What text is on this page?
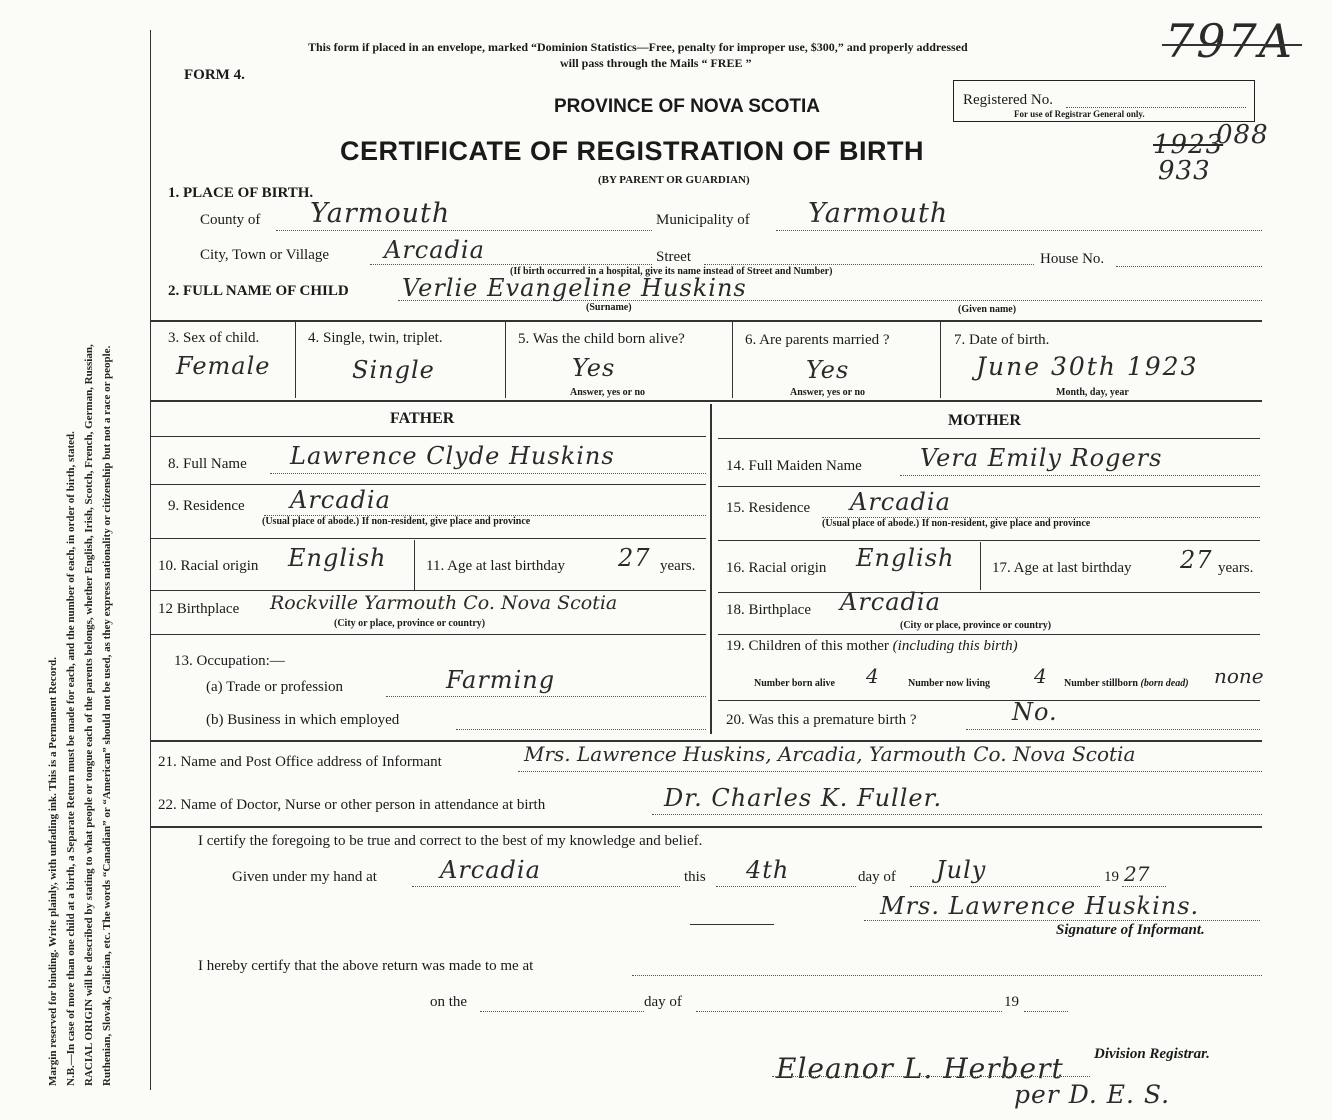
Margin reserved for binding. Write plainly, with unfading ink. This is a Permanent Record. N.B.—In case of more than one child at a birth, a Separate Return must be made for each, and the number of each, in order of birth, stated. RACIAL ORIGIN will be described by stating to what people or tongue each of the parents belongs, whether English, Irish, Scotch, French, German, Russian, Ruthenian, Slovak, Galician, etc. The words “Canadian” or “American” should not be used, as they express nationality or citizenship but not a race or people.
This form if placed in an envelope, marked “Dominion Statistics—Free, penalty for improper use, $300,” and properly addressed
will pass through the Mails “ FREE ”
FORM 4.
PROVINCE OF NOVA SCOTIA
CERTIFICATE OF REGISTRATION OF BIRTH
(BY PARENT OR GUARDIAN)
Registered No.
For use of Registrar General only.
797A
1923
088
933
1. PLACE OF BIRTH.
County of Yarmouth	Municipality of Yarmouth
City, Town or Village Arcadia	Street	House No.
(If birth occurred in a hospital, give its name instead of Street and Number)
2. FULL NAME OF CHILD Verlie Evangeline Huskins
(Surname)	(Given name)
3. Sex of child.
Female
4. Single, twin, triplet.
Single
5. Was the child born alive?
Yes
Answer, yes or no
6. Are parents married ?
Yes
Answer, yes or no
7. Date of birth.
June 30th 1923
Month, day, year
FATHER	MOTHER
8. Full Name Lawrence Clyde Huskins	14. Full Maiden Name Vera Emily Rogers
9. Residence Arcadia
(Usual place of abode.) If non-resident, give place and province
15. Residence Arcadia
(Usual place of abode.) If non-resident, give place and province
10. Racial origin English	11. Age at last birthday 27 years. 16. Racial origin English	17. Age at last birthday 27 years.
12 Birthplace Rockville Yarmouth Co. Nova Scotia
(City or place, province or country)
18. Birthplace Arcadia
(City or place, province or country)
13. Occupation:—
(a) Trade or profession	Farming
(b) Business in which employed
19. Children of this mother (including this birth)
Number born alive 4	Number now living 4 Number stillborn (born dead) none
20. Was this a premature birth ?	No.
21. Name and Post Office address of Informant	Mrs. Lawrence Huskins, Arcadia, Yarmouth Co. Nova Scotia
22. Name of Doctor, Nurse or other person in attendance at birth	Dr. Charles K. Fuller.
I certify the foregoing to be true and correct to the best of my knowledge and belief.
Given under my hand at	Arcadia	this 4th	day of July	19 27
Mrs. Lawrence Huskins.
Signature of Informant.
I hereby certify that the above return was made to me at
on the	day of	19
Eleanor L. Herbert Division Registrar.
per D. E. S.
